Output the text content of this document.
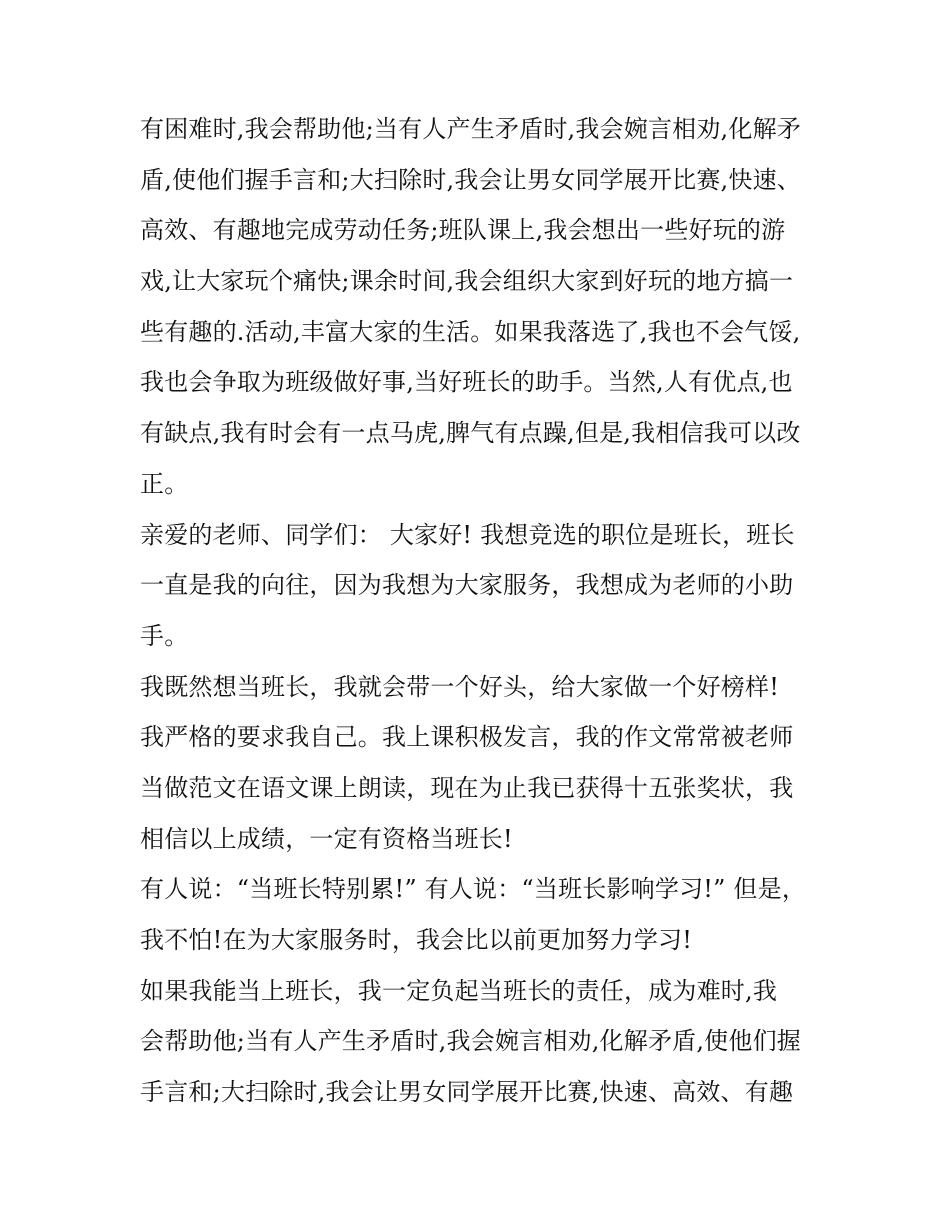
有困难时,我会帮助他;当有人产生矛盾时,我会婉言相劝,化解矛
盾,使他们握手言和;大扫除时,我会让男女同学展开比赛,快速、
高效、有趣地完成劳动任务;班队课上,我会想出一些好玩的游
戏,让大家玩个痛快;课余时间,我会组织大家到好玩的地方搞一
些有趣的.活动,丰富大家的生活。如果我落选了,我也不会气馁,
我也会争取为班级做好事,当好班长的助手。当然,人有优点,也
有缺点,我有时会有一点马虎,脾气有点躁,但是,我相信我可以改
正。
亲爱的老师、同学们： 大家好! 我想竞选的职位是班长，班长
一直是我的向往，因为我想为大家服务，我想成为老师的小助
手。
我既然想当班长，我就会带一个好头，给大家做一个好榜样!
我严格的要求我自己。我上课积极发言，我的作文常常被老师
当做范文在语文课上朗读，现在为止我已获得十五张奖状，我
相信以上成绩，一定有资格当班长!
有人说：“当班长特别累!” 有人说：“当班长影响学习!” 但是，
我不怕!在为大家服务时，我会比以前更加努力学习!
如果我能当上班长，我一定负起当班长的责任，成为难时,我
会帮助他;当有人产生矛盾时,我会婉言相劝,化解矛盾,使他们握
手言和;大扫除时,我会让男女同学展开比赛,快速、高效、有趣
